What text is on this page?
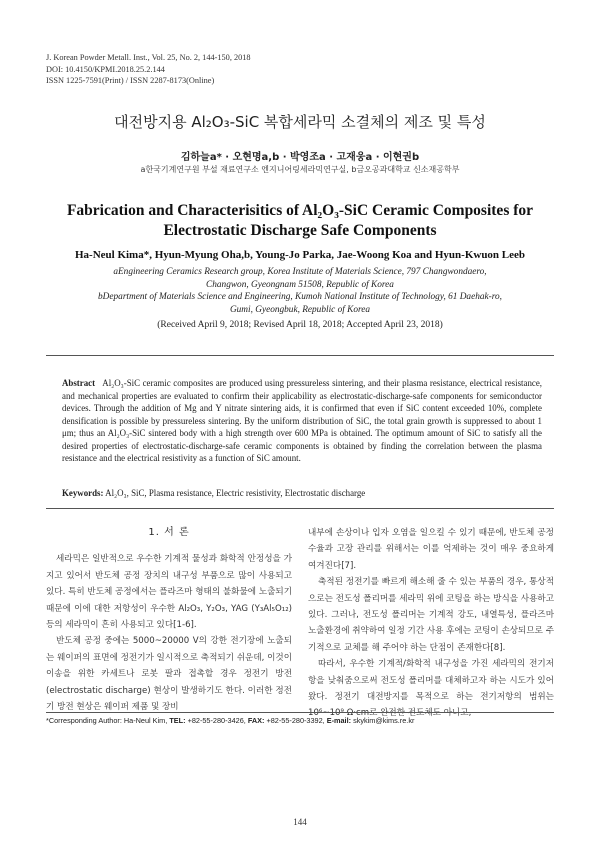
J. Korean Powder Metall. Inst., Vol. 25, No. 2, 144-150, 2018
DOI: 10.4150/KPMI.2018.25.2.144
ISSN 1225-7591(Print) / ISSN 2287-8173(Online)
대전방지용 Al₂O₃-SiC 복합세라믹 소결체의 제조 및 특성
김하늘a* · 오현명a,b · 박영조a · 고재웅a · 이현권b
a한국기계연구원 부설 재료연구소 엔지니어링세라믹연구실, b금오공과대학교 신소재공학부
Fabrication and Characterisitics of Al₂O₃-SiC Ceramic Composites for
Electrostatic Discharge Safe Components
Ha-Neul Kima*, Hyun-Myung Oha,b, Young-Jo Parka, Jae-Woong Koa and Hyun-Kwuon Leeb
aEngineering Ceramics Research group, Korea Institute of Materials Science, 797 Changwondaero,
Changwon, Gyeongnam 51508, Republic of Korea
bDepartment of Materials Science and Engineering, Kumoh National Institute of Technology, 61 Daehak-ro,
Gumi, Gyeongbuk, Republic of Korea
(Received April 9, 2018; Revised April 18, 2018; Accepted April 23, 2018)
Abstract Al₂O₃-SiC ceramic composites are produced using pressureless sintering, and their plasma resistance, electrical resistance, and mechanical properties are evaluated to confirm their applicability as electrostatic-discharge-safe components for semiconductor devices. Through the addition of Mg and Y nitrate sintering aids, it is confirmed that even if SiC content exceeded 10%, complete densification is possible by pressureless sintering. By the uniform distribution of SiC, the total grain growth is suppressed to about 1 μm; thus an Al₂O₃-SiC sintered body with a high strength over 600 MPa is obtained. The optimum amount of SiC to satisfy all the desired properties of electrostatic-discharge-safe ceramic components is obtained by finding the correlation between the plasma resistance and the electrical resistivity as a function of SiC amount.
Keywords: Al₂O₃, SiC, Plasma resistance, Electric resistivity, Electrostatic discharge
1. 서 론

세라믹은 일반적으로 우수한 기계적 물성과 화학적 안정성을 가지고 있어서 반도체 공정 장치의 내구성 부품으로 많이 사용되고 있다. 특히 반도체 공정에서는 플라즈마 형태의 불화물에 노출되기 때문에 이에 대한 저항성이 우수한 Al₂O₃, Y₂O₃, YAG (Y₃Al₅O₁₂) 등의 세라믹이 흔히 사용되고 있다[1-6].

반도체 공정 중에는 5000~20000 V의 강한 전기장에 노출되는 웨이퍼의 표면에 정전기가 일시적으로 축적되기 쉬운데, 이것이 이송을 위한 카세트나 로봇 팔과 접촉할 경우 정전기 방전(electrostatic discharge) 현상이 발생하기도 한다. 이러한 정전기 방전 현상은 웨이퍼 제품 및 장비

내부에 손상이나 입자 오염을 일으킬 수 있기 때문에, 반도체 공정 수율과 고장 관리를 위해서는 이를 억제하는 것이 매우 중요하게 여겨진다[7].

축적된 정전기를 빠르게 해소해 줄 수 있는 부품의 경우, 통상적으로는 전도성 폴리머를 세라믹 위에 코팅을 하는 방식을 사용하고 있다. 그러나, 전도성 폴리머는 기계적 강도, 내열특성, 플라즈마 노출환경에 취약하여 일정 기간 사용 후에는 코팅이 손상되므로 주기적으로 교체를 해 주어야 하는 단점이 존재한다[8].

따라서, 우수한 기계적/화학적 내구성을 가진 세라믹의 전기저항을 낮춰줌으로써 전도성 폴리머를 대체하고자 하는 시도가 있어왔다. 정전기 대전방지를 목적으로 하는 전기저항의 범위는 10⁶~10⁹ Ω·cm로 완전한 전도체도 아니고,

*Corresponding Author: Ha-Neul Kim, TEL: +82-55-280-3426, FAX: +82-55-280-3392, E-mail: skykim@kims.re.kr
144
